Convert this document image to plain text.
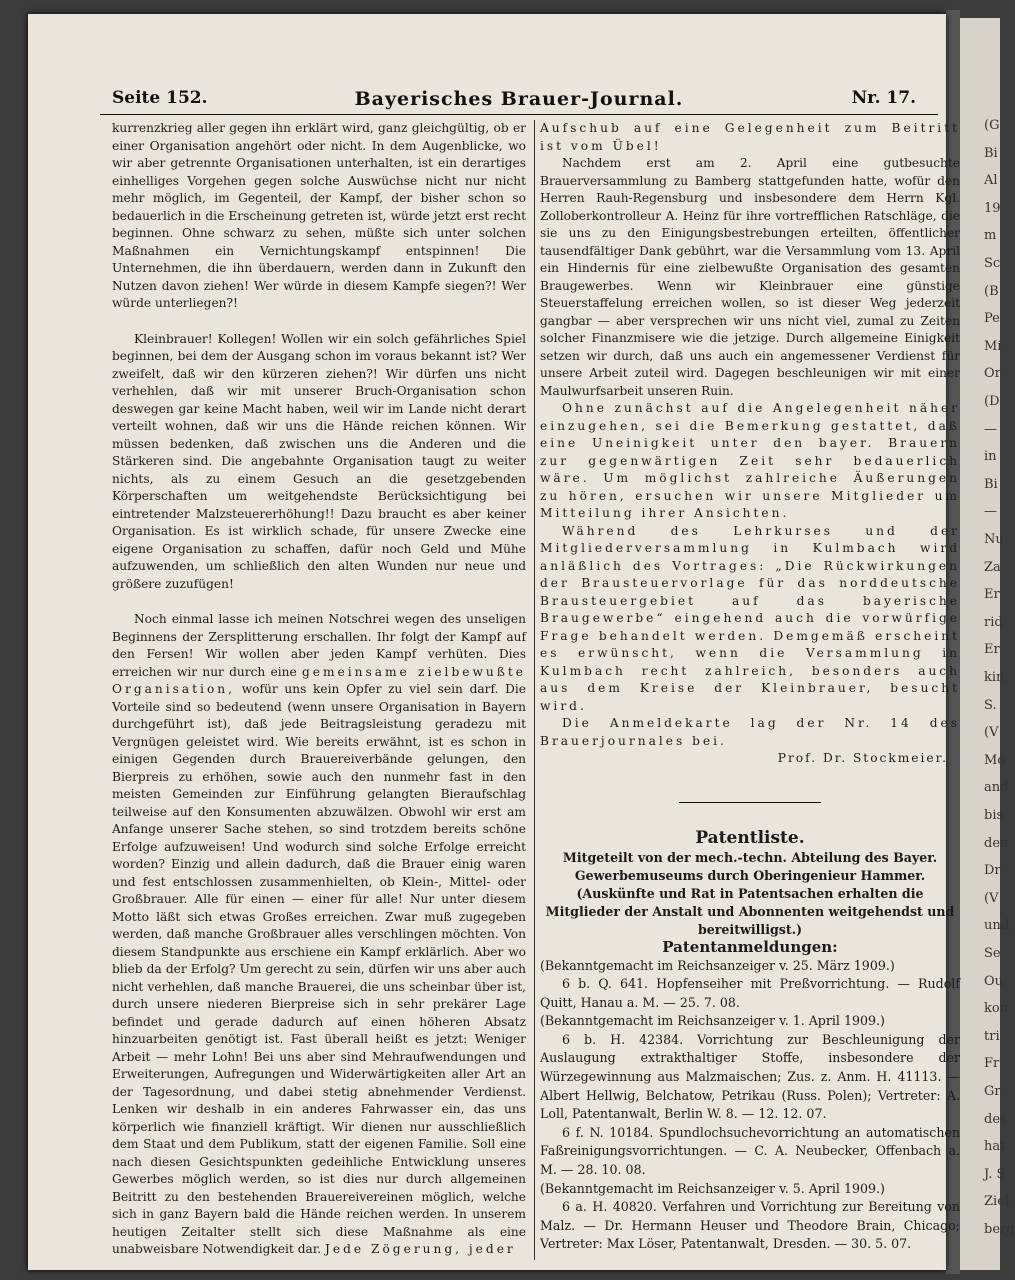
(G
Bi
Al
19
m
Sc
(B
Pe
Mi
Or
(D
—
in
Bi
—
Nu
Za
Er
rid
Er
kin
S.
(V
Mo
and
bis
den
Dr
(V
und
Se
Ou
kon
tri
Fr
Gr
des
hat
J. S
Ziel
berg
Seite 152.	Bayerisches Brauer-Journal.	Nr. 17.

kurrenzkrieg aller gegen ihn erklärt wird, ganz gleichgültig, ob er einer Organisation angehört oder nicht. In dem Augenblicke, wo wir aber getrennte Organisationen unterhalten, ist ein derartiges einhelliges Vorgehen gegen solche Auswüchse nicht nur nicht mehr möglich, im Gegenteil, der Kampf, der bisher schon so bedauerlich in die Erscheinung getreten ist, würde jetzt erst recht beginnen. Ohne schwarz zu sehen, müßte sich unter solchen Maßnahmen ein Vernichtungskampf entspinnen! Die Unternehmen, die ihn überdauern, werden dann in Zukunft den Nutzen davon ziehen! Wer würde in diesem Kampfe siegen?! Wer würde unterliegen?!

Kleinbrauer! Kollegen! Wollen wir ein solch gefährliches Spiel beginnen, bei dem der Ausgang schon im voraus bekannt ist? Wer zweifelt, daß wir den kürzeren ziehen?! Wir dürfen uns nicht verhehlen, daß wir mit unserer Bruch-Organisation schon deswegen gar keine Macht haben, weil wir im Lande nicht derart verteilt wohnen, daß wir uns die Hände reichen können. Wir müssen bedenken, daß zwischen uns die Anderen und die Stärkeren sind. Die angebahnte Organisation taugt zu weiter nichts, als zu einem Gesuch an die gesetzgebenden Körperschaften um weitgehendste Berücksichtigung bei eintretender Malzsteuererhöhung!! Dazu braucht es aber keiner Organisation. Es ist wirklich schade, für unsere Zwecke eine eigene Organisation zu schaffen, dafür noch Geld und Mühe aufzuwenden, um schließlich den alten Wunden nur neue und größere zuzufügen!

Noch einmal lasse ich meinen Notschrei wegen des unseligen Beginnens der Zersplitterung erschallen. Ihr folgt der Kampf auf den Fersen! Wir wollen aber jeden Kampf verhüten. Dies erreichen wir nur durch eine gemeinsame zielbewußte Organisation, wofür uns kein Opfer zu viel sein darf. Die Vorteile sind so bedeutend (wenn unsere Organisation in Bayern durchgeführt ist), daß jede Beitragsleistung geradezu mit Vergnügen geleistet wird. Wie bereits erwähnt, ist es schon in einigen Gegenden durch Brauereiverbände gelungen, den Bierpreis zu erhöhen, sowie auch den nunmehr fast in den meisten Gemeinden zur Einführung gelangten Bieraufschlag teilweise auf den Konsumenten abzuwälzen. Obwohl wir erst am Anfange unserer Sache stehen, so sind trotzdem bereits schöne Erfolge aufzuweisen! Und wodurch sind solche Erfolge erreicht worden? Einzig und allein dadurch, daß die Brauer einig waren und fest entschlossen zusammenhielten, ob Klein-, Mittel- oder Großbrauer. Alle für einen — einer für alle! Nur unter diesem Motto läßt sich etwas Großes erreichen. Zwar muß zugegeben werden, daß manche Großbrauer alles verschlingen möchten. Von diesem Standpunkte aus erschiene ein Kampf erklärlich. Aber wo blieb da der Erfolg? Um gerecht zu sein, dürfen wir uns aber auch nicht verhehlen, daß manche Brauerei, die uns scheinbar über ist, durch unsere niederen Bierpreise sich in sehr prekärer Lage befindet und gerade dadurch auf einen höheren Absatz hinzuarbeiten genötigt ist. Fast überall heißt es jetzt: Weniger Arbeit — mehr Lohn! Bei uns aber sind Mehraufwendungen und Erweiterungen, Aufregungen und Widerwärtigkeiten aller Art an der Tagesordnung, und dabei stetig abnehmender Verdienst. Lenken wir deshalb in ein anderes Fahrwasser ein, das uns körperlich wie finanziell kräftigt. Wir dienen nur ausschließlich dem Staat und dem Publikum, statt der eigenen Familie. Soll eine nach diesen Gesichtspunkten gedeihliche Entwicklung unseres Gewerbes möglich werden, so ist dies nur durch allgemeinen Beitritt zu den bestehenden Brauereivereinen möglich, welche sich in ganz Bayern bald die Hände reichen werden. In unserem heutigen Zeitalter stellt sich diese Maßnahme als eine unabweisbare Notwendigkeit dar. Jede Zögerung, jeder

Aufschub auf eine Gelegenheit zum Beitritt ist vom Übel!

Nachdem erst am 2. April eine gutbesuchte Brauerversammlung zu Bamberg stattgefunden hatte, wofür den Herren Rauh-Regensburg und insbesondere dem Herrn Kgl. Zolloberkontrolleur A. Heinz für ihre vortrefflichen Ratschläge, die sie uns zu den Einigungsbestrebungen erteilten, öffentlicher tausendfältiger Dank gebührt, war die Versammlung vom 13. April ein Hindernis für eine zielbewußte Organisation des gesamten Braugewerbes. Wenn wir Kleinbrauer eine günstige Steuerstaffelung erreichen wollen, so ist dieser Weg jederzeit gangbar — aber versprechen wir uns nicht viel, zumal zu Zeiten solcher Finanzmisere wie die jetzige. Durch allgemeine Einigkeit setzen wir durch, daß uns auch ein angemessener Verdienst für unsere Arbeit zuteil wird. Dagegen beschleunigen wir mit einer Maulwurfsarbeit unseren Ruin.

Ohne zunächst auf die Angelegenheit näher einzugehen, sei die Bemerkung gestattet, daß eine Uneinigkeit unter den bayer. Brauern zur gegenwärtigen Zeit sehr bedauerlich wäre. Um möglichst zahlreiche Äußerungen zu hören, ersuchen wir unsere Mitglieder um Mitteilung ihrer Ansichten.

Während des Lehrkurses und der Mitgliederversammlung in Kulmbach wird anläßlich des Vortrages: „Die Rückwirkungen der Brausteuervorlage für das norddeutsche Brausteuergebiet auf das bayerische Braugewerbe“ eingehend auch die vorwürfige Frage behandelt werden. Demgemäß erscheint es erwünscht, wenn die Versammlung in Kulmbach recht zahlreich, besonders auch aus dem Kreise der Kleinbrauer, besucht wird.

Die Anmeldekarte lag der Nr. 14 des Brauerjournales bei.

Prof. Dr. Stockmeier.

Patentliste.

Mitgeteilt von der mech.-techn. Abteilung des Bayer. Gewerbemuseums durch Oberingenieur Hammer.

(Auskünfte und Rat in Patentsachen erhalten die Mitglieder der Anstalt und Abonnenten weitgehendst und bereitwilligst.)

Patentanmeldungen:

(Bekanntgemacht im Reichsanzeiger v. 25. März 1909.)

6 b. Q. 641. Hopfenseiher mit Preßvorrichtung. — Rudolf Quitt, Hanau a. M. — 25. 7. 08.

(Bekanntgemacht im Reichsanzeiger v. 1. April 1909.)

6 b. H. 42384. Vorrichtung zur Beschleunigung der Auslaugung extrakthaltiger Stoffe, insbesondere der Würzegewinnung aus Malzmaischen; Zus. z. Anm. H. 41113. — Albert Hellwig, Belchatow, Petrikau (Russ. Polen); Vertreter: A. Loll, Patentanwalt, Berlin W. 8. — 12. 12. 07.

6 f. N. 10184. Spundlochsuchevorrichtung an automatischen Faßreinigungsvorrichtungen. — C. A. Neubecker, Offenbach a. M. — 28. 10. 08.

(Bekanntgemacht im Reichsanzeiger v. 5. April 1909.)

6 a. H. 40820. Verfahren und Vorrichtung zur Bereitung von Malz. — Dr. Hermann Heuser und Theodore Brain, Chicago; Vertreter: Max Löser, Patentanwalt, Dresden. — 30. 5. 07.
